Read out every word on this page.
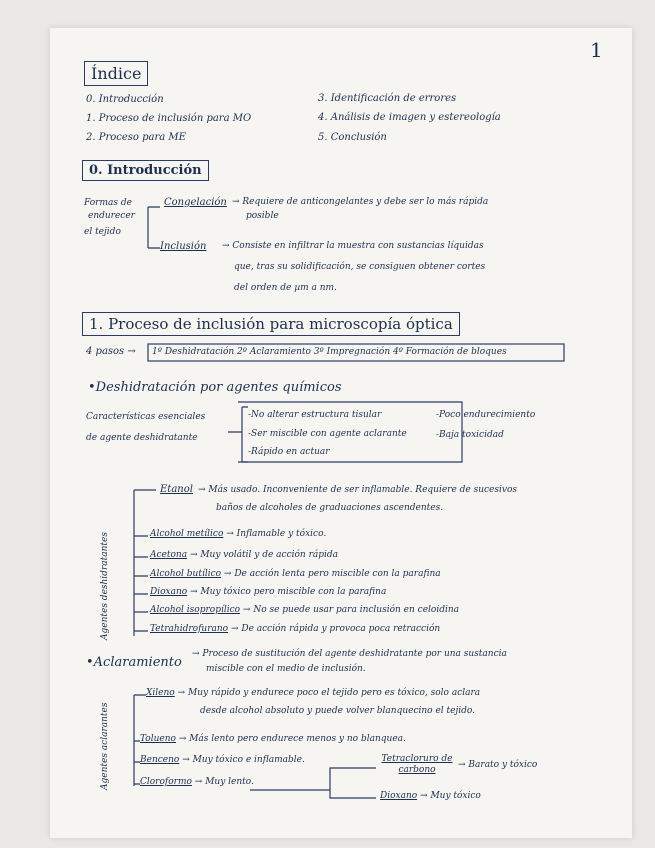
1
Índice
0. Introducción
1. Proceso de inclusión para MO
2. Proceso para ME
3. Identificación de errores
4. Análisis de imagen y estereología
5. Conclusión
0. Introducción
Formas de
endurecer
el tejido
Congelación → Requiere de anticongelantes y debe ser lo más rápida
posible
Inclusión → Consiste en infiltrar la muestra con sustancias líquidas
que, tras su solidificación, se consiguen obtener cortes
del orden de µm a nm.
1. Proceso de inclusión para microscopía óptica
4 pasos → 1º Deshidratación 2º Aclaramiento 3º Impregnación 4º Formación de bloques
•Deshidratación por agentes químicos
Características esenciales
de agente deshidratante
-No alterar estructura tisular
-Ser miscible con agente aclarante
-Rápido en actuar
-Poco endurecimiento
-Baja toxicidad
Agentes deshidratantes
Etanol → Más usado. Inconveniente de ser inflamable. Requiere de sucesivos
baños de alcoholes de graduaciones ascendentes.
Alcohol metílico → Inflamable y tóxico.
Acetona → Muy volátil y de acción rápida
Alcohol butílico → De acción lenta pero miscible con la parafina
Dioxano → Muy tóxico pero miscible con la parafina
Alcohol isopropílico → No se puede usar para inclusión en celoidina
Tetrahidrofurano → De acción rápida y provoca poca retracción
•Aclaramiento
→ Proceso de sustitución del agente deshidratante por una sustancia
miscible con el medio de inclusión.
Agentes aclarantes
Xileno → Muy rápido y endurece poco el tejido pero es tóxico, solo aclara
desde alcohol absoluto y puede volver blanquecino el tejido.
Tolueno → Más lento pero endurece menos y no blanquea.
Benceno → Muy tóxico e inflamable.
Cloroformo → Muy lento.
Tetracloruro de carbono	→ Barato y tóxico
Dioxano → Muy tóxico
